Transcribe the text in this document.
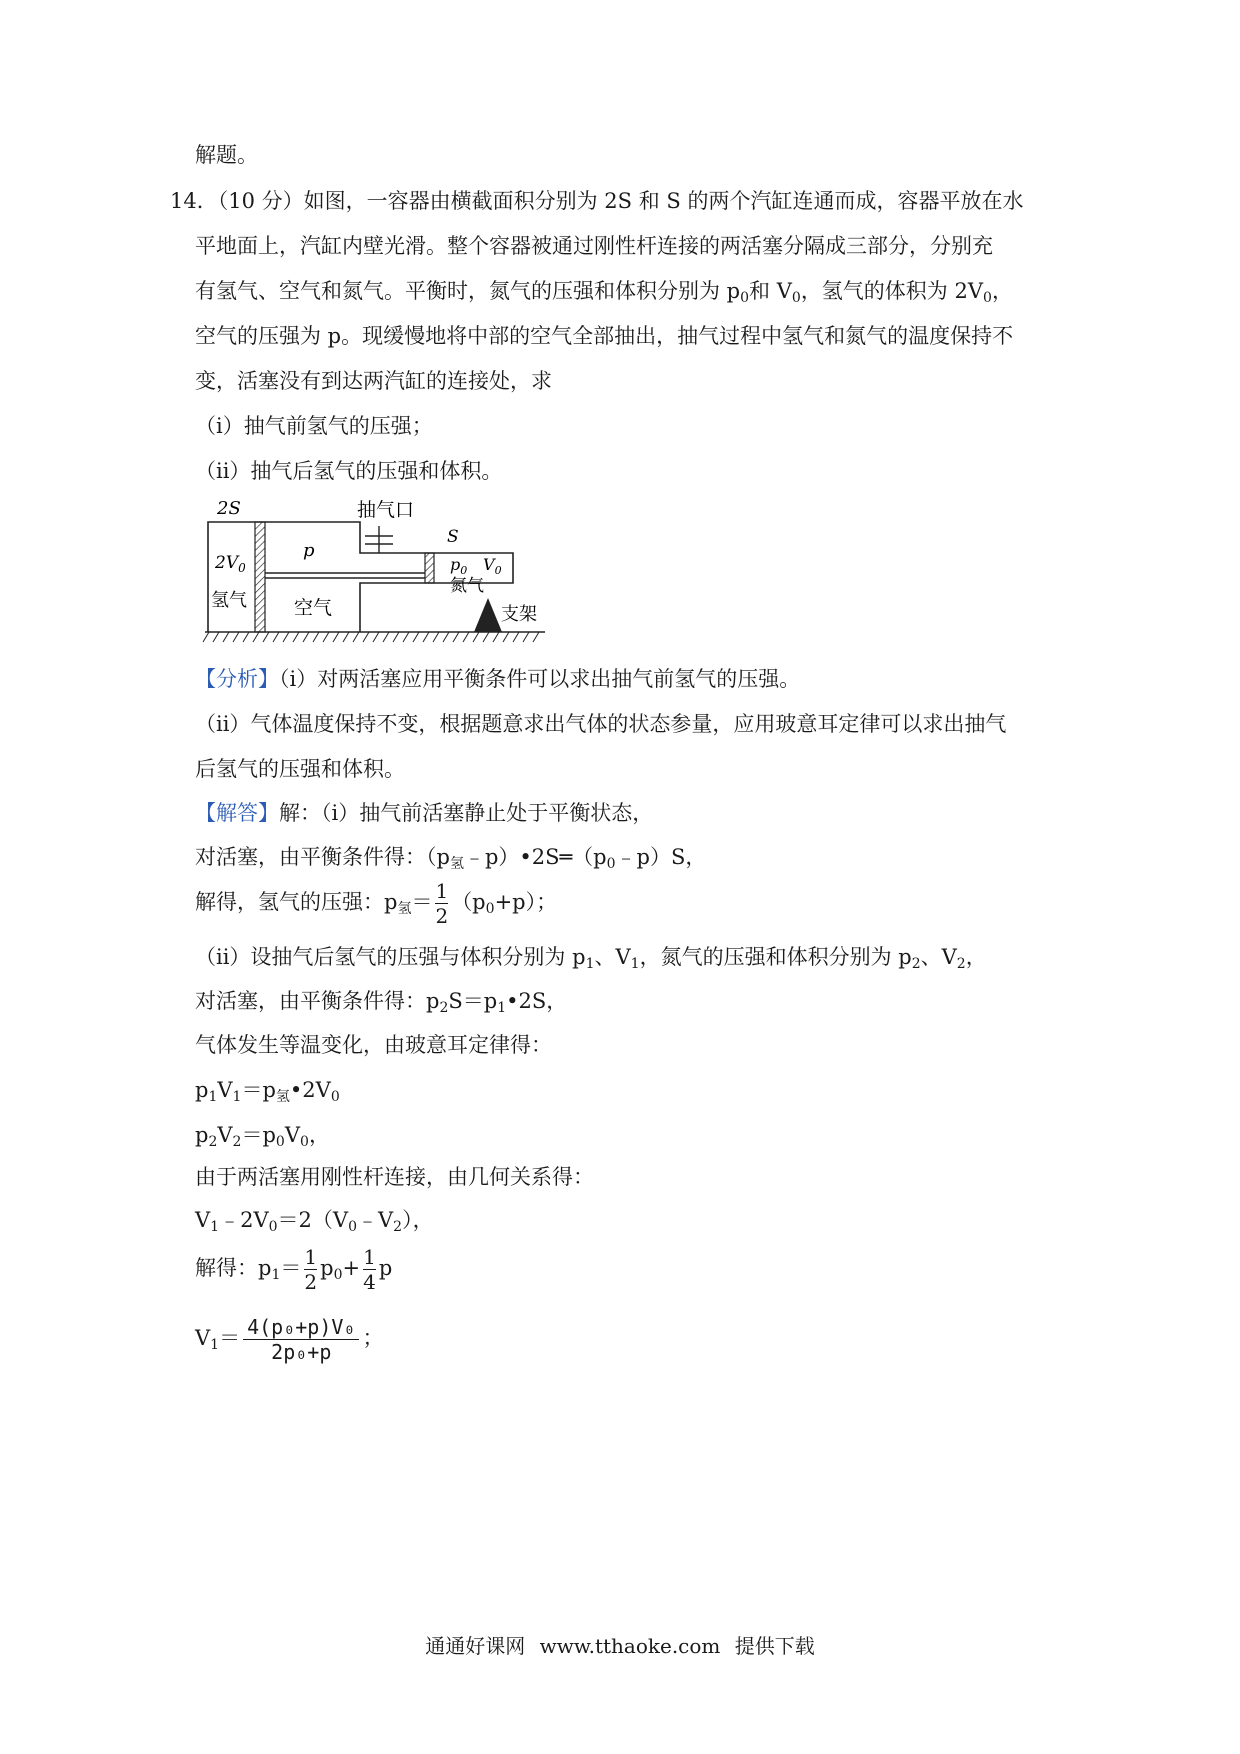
解题。
14．（10 分）如图，一容器由横截面积分别为 2S 和 S 的两个汽缸连通而成，容器平放在水
平地面上，汽缸内壁光滑。整个容器被通过刚性杆连接的两活塞分隔成三部分，分别充
有氢气、空气和氮气。平衡时，氮气的压强和体积分别为 $p_0$和 $V_0$，氢气的体积为 $2V_0$，
空气的压强为 p。现缓慢地将中部的空气全部抽出，抽气过程中氢气和氮气的温度保持不
变，活塞没有到达两汽缸的连接处，求
（i）抽气前氢气的压强；
（ii）抽气后氢气的压强和体积。
2S
$2V_0$
氢气
p
空气
抽气口
S
$p_0$ $V_0$
氮气
支架
【分析】（i）对两活塞应用平衡条件可以求出抽气前氢气的压强。
（ii）气体温度保持不变，根据题意求出气体的状态参量，应用玻意耳定律可以求出抽气
后氢气的压强和体积。
【解答】解：（i）抽气前活塞静止处于平衡状态，
对活塞，由平衡条件得：$(p_氢﹣p)•2S═(p_0﹣p)S$，
解得，氢气的压强：$p_氢= \frac{1}{2} (p_0+p)$；
（ii）设抽气后氢气的压强与体积分别为 $p_1$、$V_1$，氮气的压强和体积分别为 $p_2$、$V_2$，
对活塞，由平衡条件得：$p_2S=p_1•2S$，
气体发生等温变化，由玻意耳定律得：
$p_1V_1=p_氢•2V_0$
$p_2V_2=p_0V_0$，
由于两活塞用刚性杆连接，由几何关系得：
$V_1﹣2V_0=2(V_0﹣V_2)$，
解得：$p_1= \frac{1}{2} p_0+ \frac{1}{4}$ p
$V_1= \frac{\text{4(p₀+p)V₀}}{\text{2p₀+p}}$ ；
通通好课网 www.tthaoke.com 提供下载
